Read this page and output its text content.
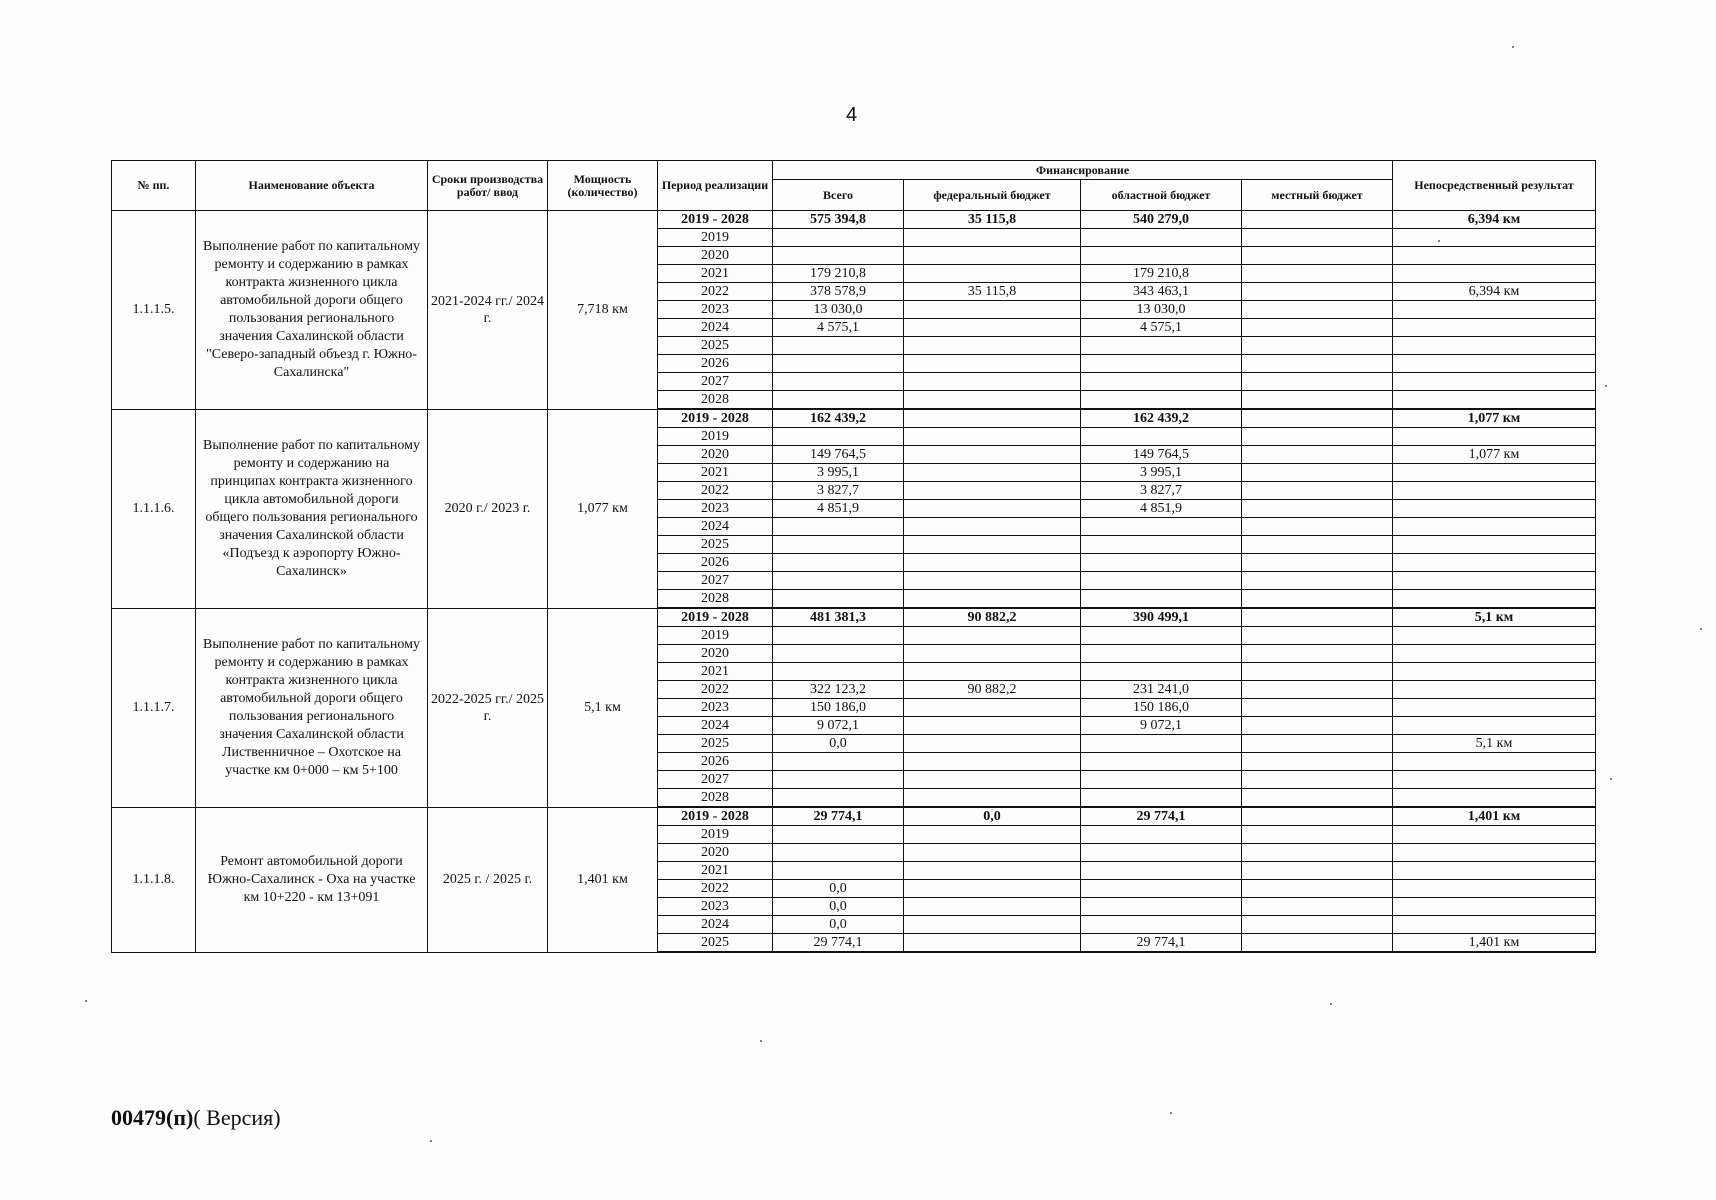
4
№ пп.	Наименование объекта	Сроки производства работ/ ввод	Мощность (количество)	Период реализации	Финансирование				Непосредственный результат
					Всего	федеральный бюджет	областной бюджет	местный бюджет	
1.1.1.5.	Выполнение работ по капитальному ремонту и содержанию в рамках контракта жизненного цикла автомобильной дороги общего пользования регионального значения Сахалинской области "Северо-западный объезд г. Южно-Сахалинска"	2021-2024 гг./ 2024 г.	7,718 км	2019 - 2028	575 394,8	35 115,8	540 279,0		6,394 км
				2019					
				2020					
				2021	179 210,8		179 210,8		
				2022	378 578,9	35 115,8	343 463,1		6,394 км
				2023	13 030,0		13 030,0		
				2024	4 575,1		4 575,1		
				2025					
				2026					
				2027					
				2028					
1.1.1.6.	Выполнение работ по капитальному ремонту и содержанию на принципах контракта жизненного цикла автомобильной дороги общего пользования регионального значения Сахалинской области «Подъезд к аэропорту Южно-Сахалинск»	2020 г./ 2023 г.	1,077 км	2019 - 2028	162 439,2		162 439,2		1,077 км
				2019					
				2020	149 764,5		149 764,5		1,077 км
				2021	3 995,1		3 995,1		
				2022	3 827,7		3 827,7		
				2023	4 851,9		4 851,9		
				2024					
				2025					
				2026					
				2027					
				2028					
1.1.1.7.	Выполнение работ по капитальному ремонту и содержанию в рамках контракта жизненного цикла автомобильной дороги общего пользования регионального значения Сахалинской области Лиственничное – Охотское на участке км 0+000 – км 5+100	2022-2025 гг./ 2025 г.	5,1 км	2019 - 2028	481 381,3	90 882,2	390 499,1		5,1 км
				2019					
				2020					
				2021					
				2022	322 123,2	90 882,2	231 241,0		
				2023	150 186,0		150 186,0		
				2024	9 072,1		9 072,1		
				2025	0,0				5,1 км
				2026					
				2027					
				2028					
1.1.1.8.	Ремонт автомобильной дороги Южно-Сахалинск - Оха на участке км 10+220 - км 13+091	2025 г. / 2025 г.	1,401 км	2019 - 2028	29 774,1	0,0	29 774,1		1,401 км
				2019					
				2020					
				2021					
				2022	0,0				
				2023	0,0				
				2024	0,0				
				2025	29 774,1		29 774,1		1,401 км
00479(п)( Версия)
